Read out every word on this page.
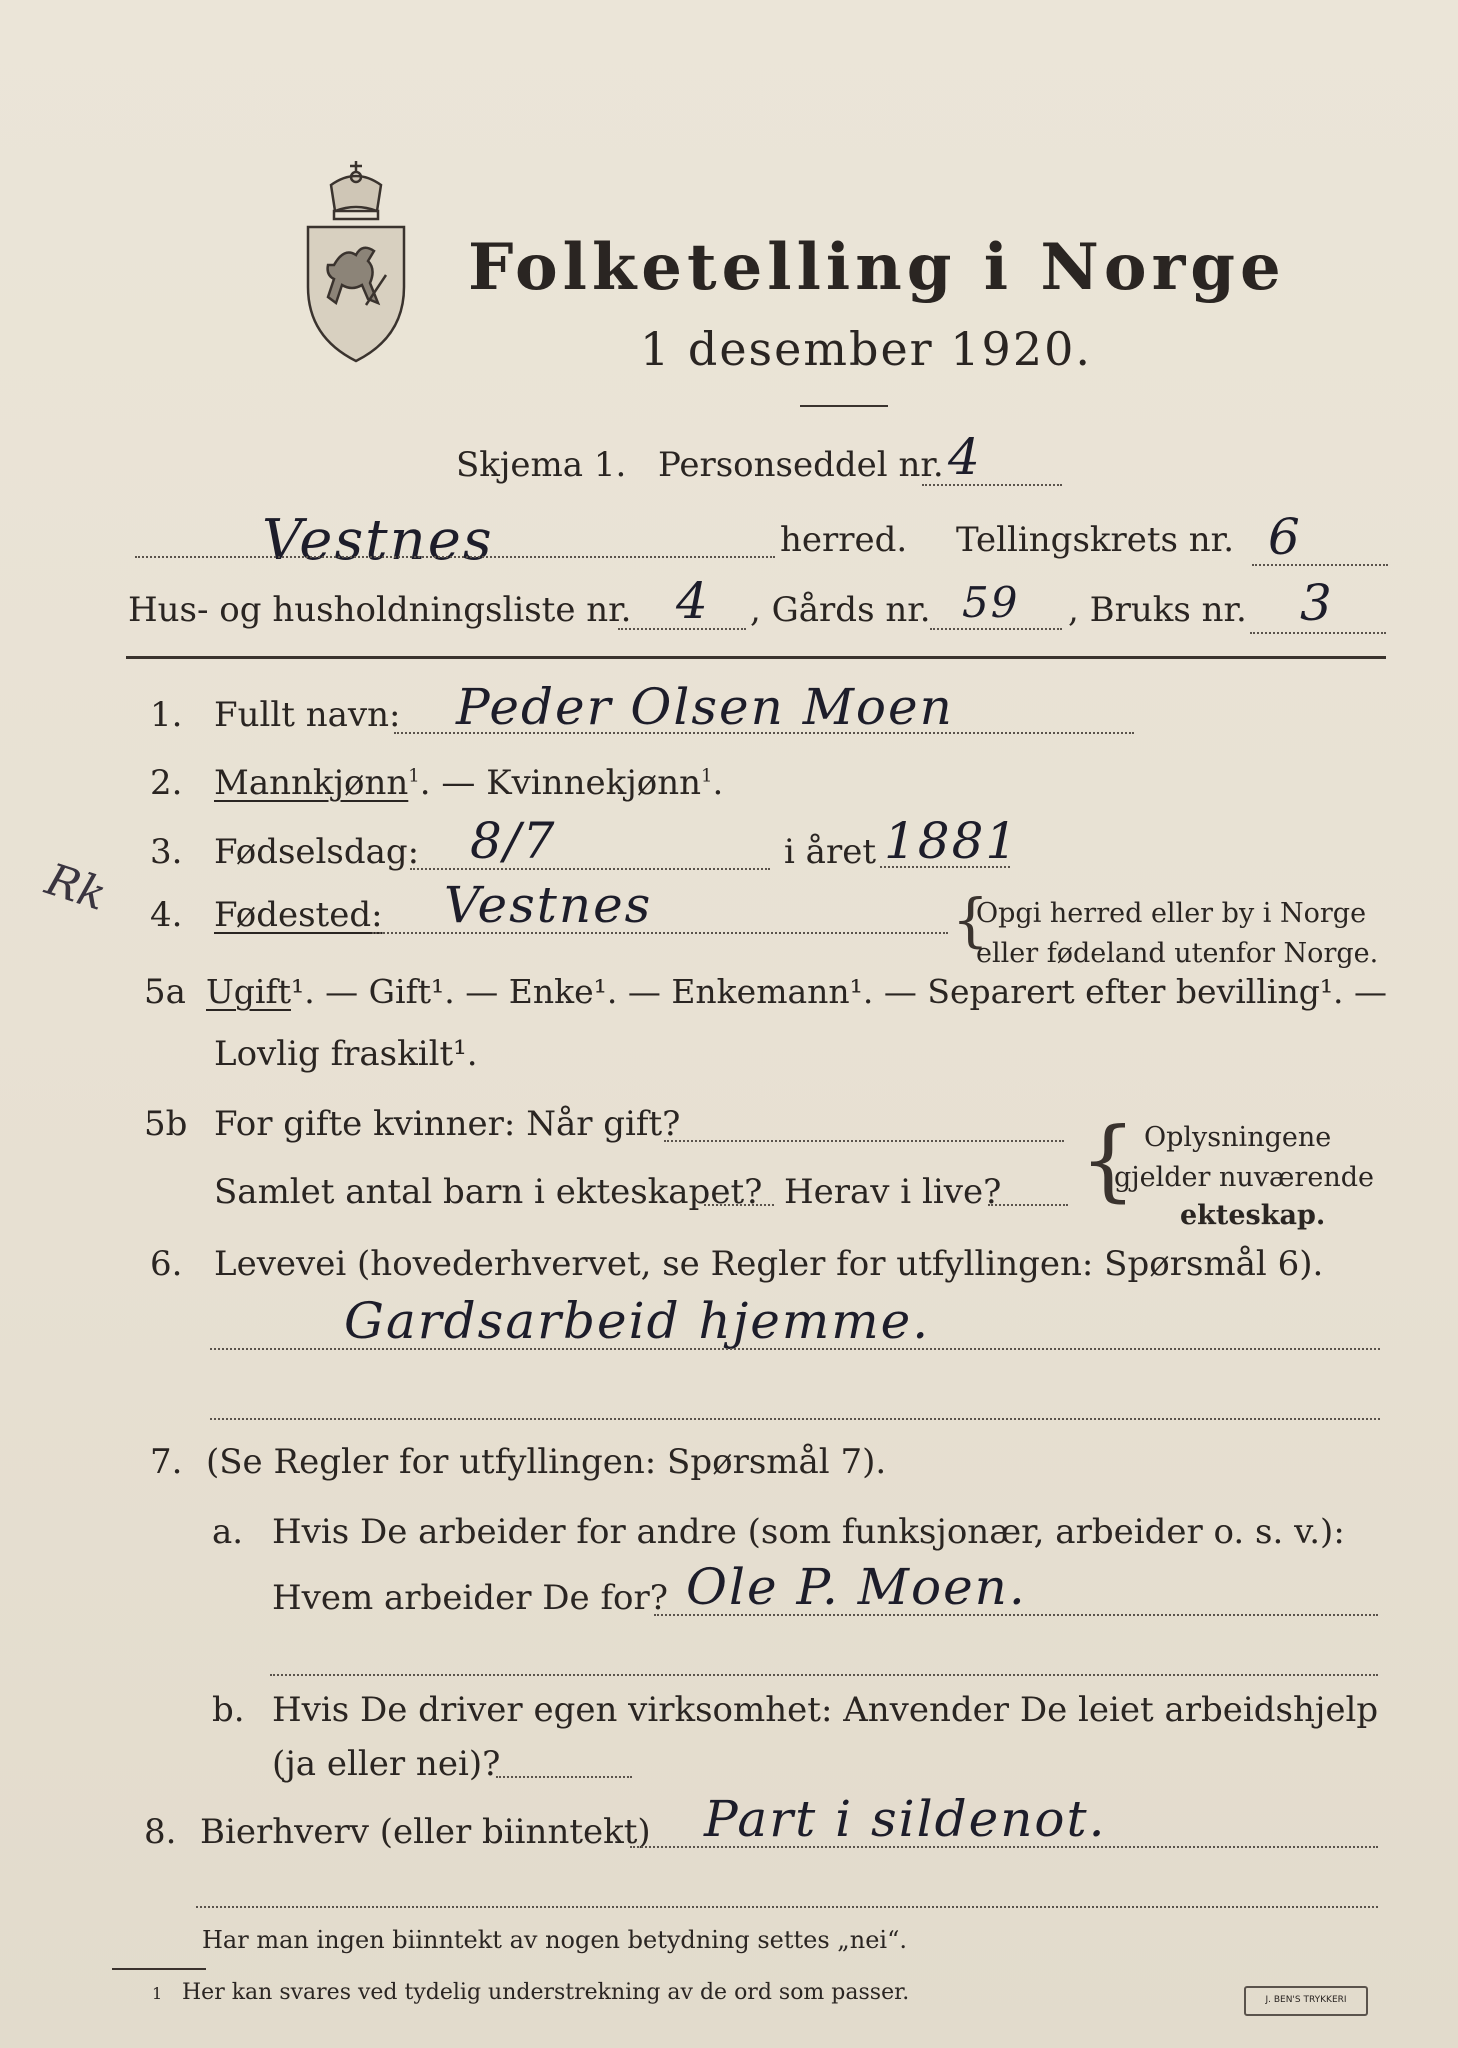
Folketelling i Norge
1 desember 1920.
Skjema 1. Personseddel nr. 4
Vestnes	herred. Tellingskrets nr. 6
Hus- og husholdningsliste nr. 4 , Gårds nr. 59 , Bruks nr. 3
1. Fullt navn: Peder Olsen Moen
2. Mannkjønn$^1$. — Kvinnekjønn$^1$.
3. Fødselsdag: 8/7	i året 1881
Rk 4. Fødested: Vestnes	{
Opgi herred eller by i Norge
eller fødeland utenfor Norge.
5a Ugift¹. — Gift¹. — Enke¹. — Enkemann¹. — Separert efter bevilling¹. —
Lovlig fraskilt¹.
5b For gifte kvinner: Når gift?
Samlet antal barn i ekteskapet? Herav i live? { Oplysningene
gjelder nuværende
ekteskap.
6. Levevei (hovederhvervet, se Regler for utfyllingen: Spørsmål 6).
Gardsarbeid hjemme.
7. (Se Regler for utfyllingen: Spørsmål 7).
a. Hvis De arbeider for andre (som funksjonær, arbeider o. s. v.):
Hvem arbeider De for? Ole P. Moen.
b. Hvis De driver egen virksomhet: Anvender De leiet arbeidshjelp
(ja eller nei)?
8. Bierhverv (eller biinntekt) Part i sildenot.
Har man ingen biinntekt av nogen betydning settes „nei“.
1 Her kan svares ved tydelig understrekning av de ord som passer.	J. BEN'S TRYKKERI
